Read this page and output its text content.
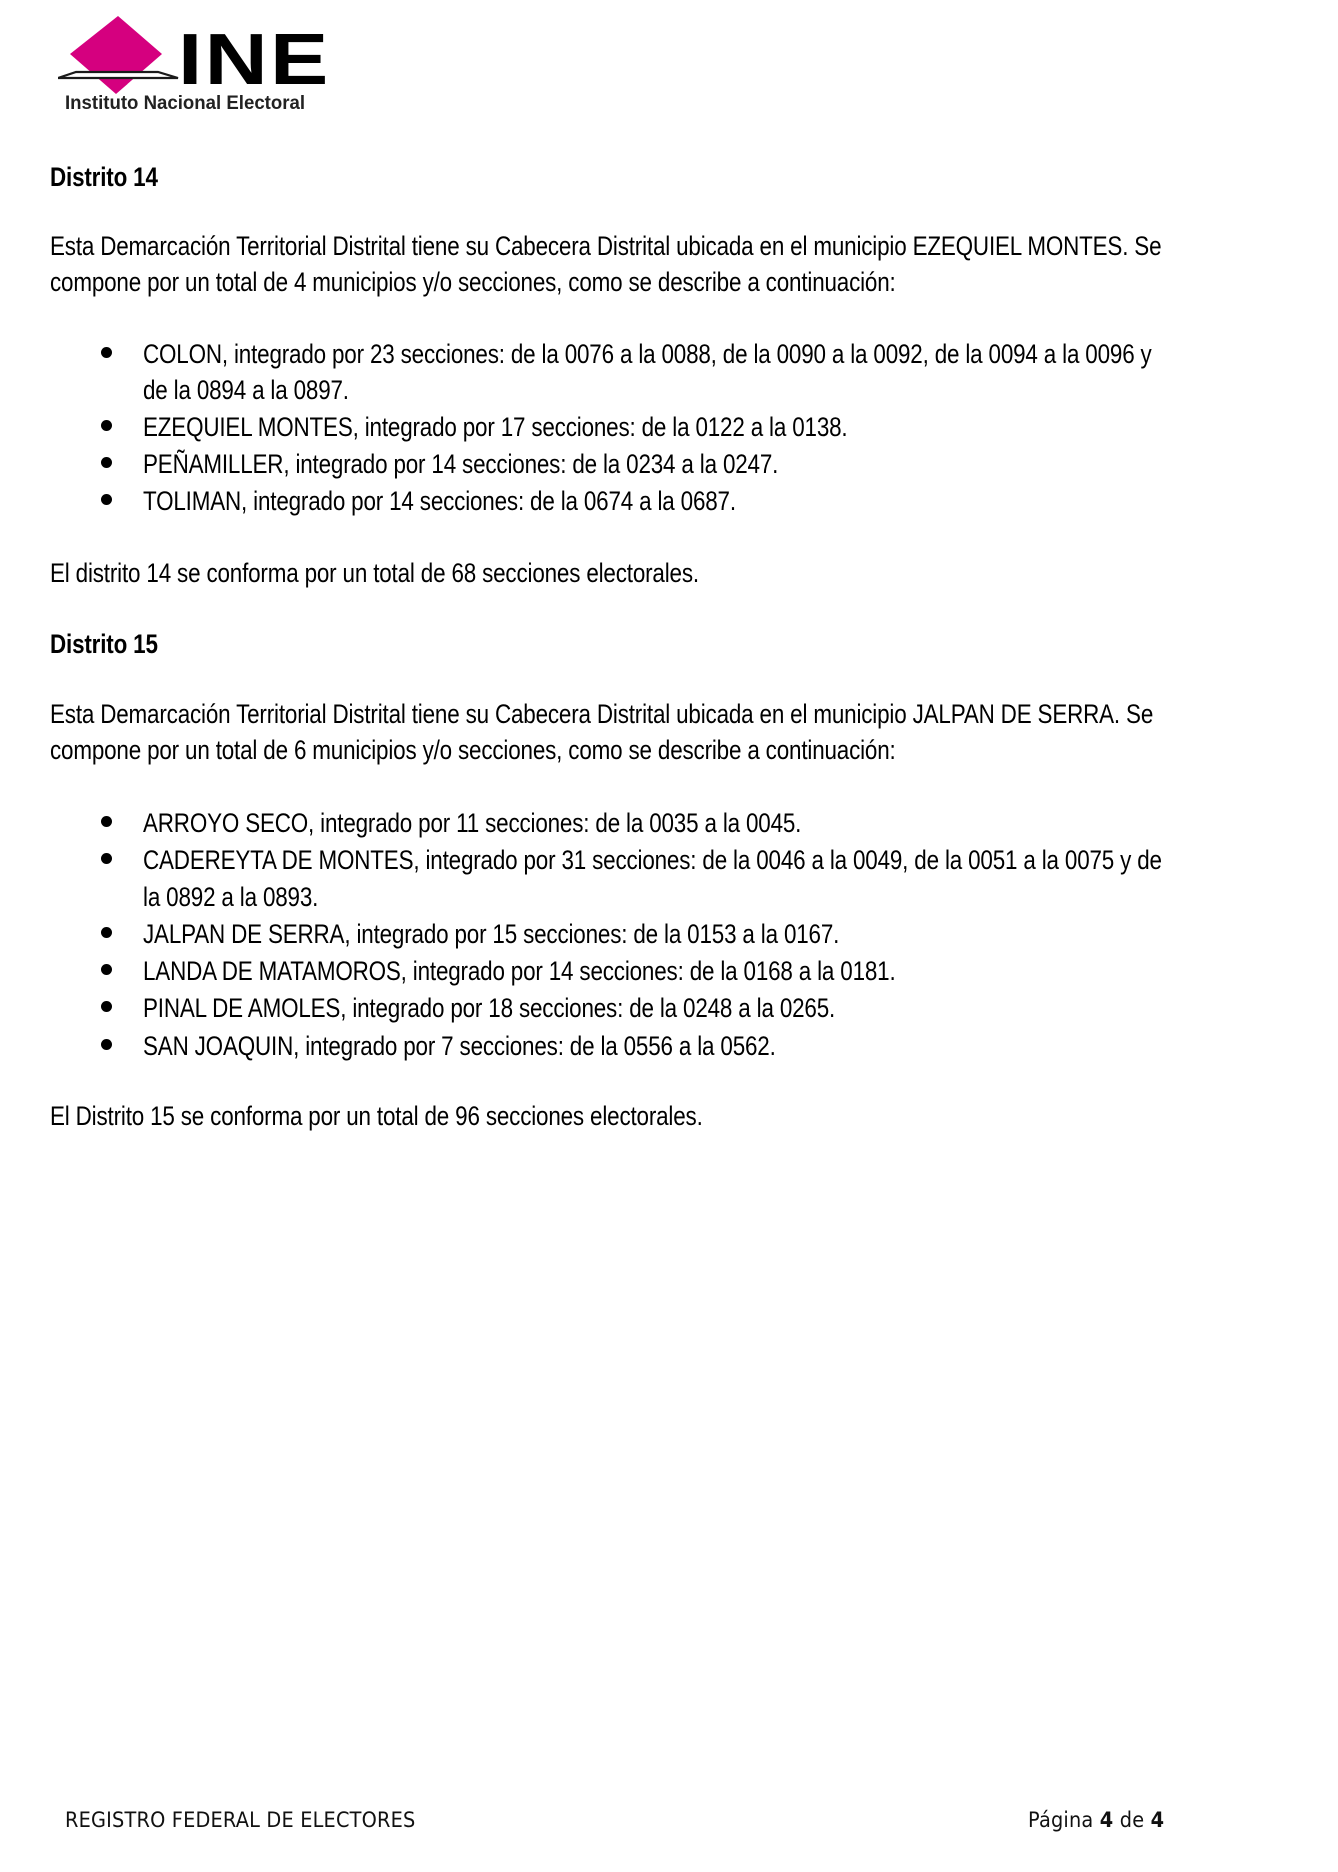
INE
Instituto Nacional Electoral
Distrito 14
Esta Demarcación Territorial Distrital tiene su Cabecera Distrital ubicada en el municipio EZEQUIEL MONTES. Se
compone por un total de 4 municipios y/o secciones, como se describe a continuación:
COLON, integrado por 23 secciones: de la 0076 a la 0088, de la 0090 a la 0092, de la 0094 a la 0096 y
de la 0894 a la 0897.
EZEQUIEL MONTES, integrado por 17 secciones: de la 0122 a la 0138.
PEÑAMILLER, integrado por 14 secciones: de la 0234 a la 0247.
TOLIMAN, integrado por 14 secciones: de la 0674 a la 0687.
El distrito 14 se conforma por un total de 68 secciones electorales.
Distrito 15
Esta Demarcación Territorial Distrital tiene su Cabecera Distrital ubicada en el municipio JALPAN DE SERRA. Se
compone por un total de 6 municipios y/o secciones, como se describe a continuación:
ARROYO SECO, integrado por 11 secciones: de la 0035 a la 0045.
CADEREYTA DE MONTES, integrado por 31 secciones: de la 0046 a la 0049, de la 0051 a la 0075 y de
la 0892 a la 0893.
JALPAN DE SERRA, integrado por 15 secciones: de la 0153 a la 0167.
LANDA DE MATAMOROS, integrado por 14 secciones: de la 0168 a la 0181.
PINAL DE AMOLES, integrado por 18 secciones: de la 0248 a la 0265.
SAN JOAQUIN, integrado por 7 secciones: de la 0556 a la 0562.
El Distrito 15 se conforma por un total de 96 secciones electorales.
REGISTRO FEDERAL DE ELECTORES	Página 4 de 4
